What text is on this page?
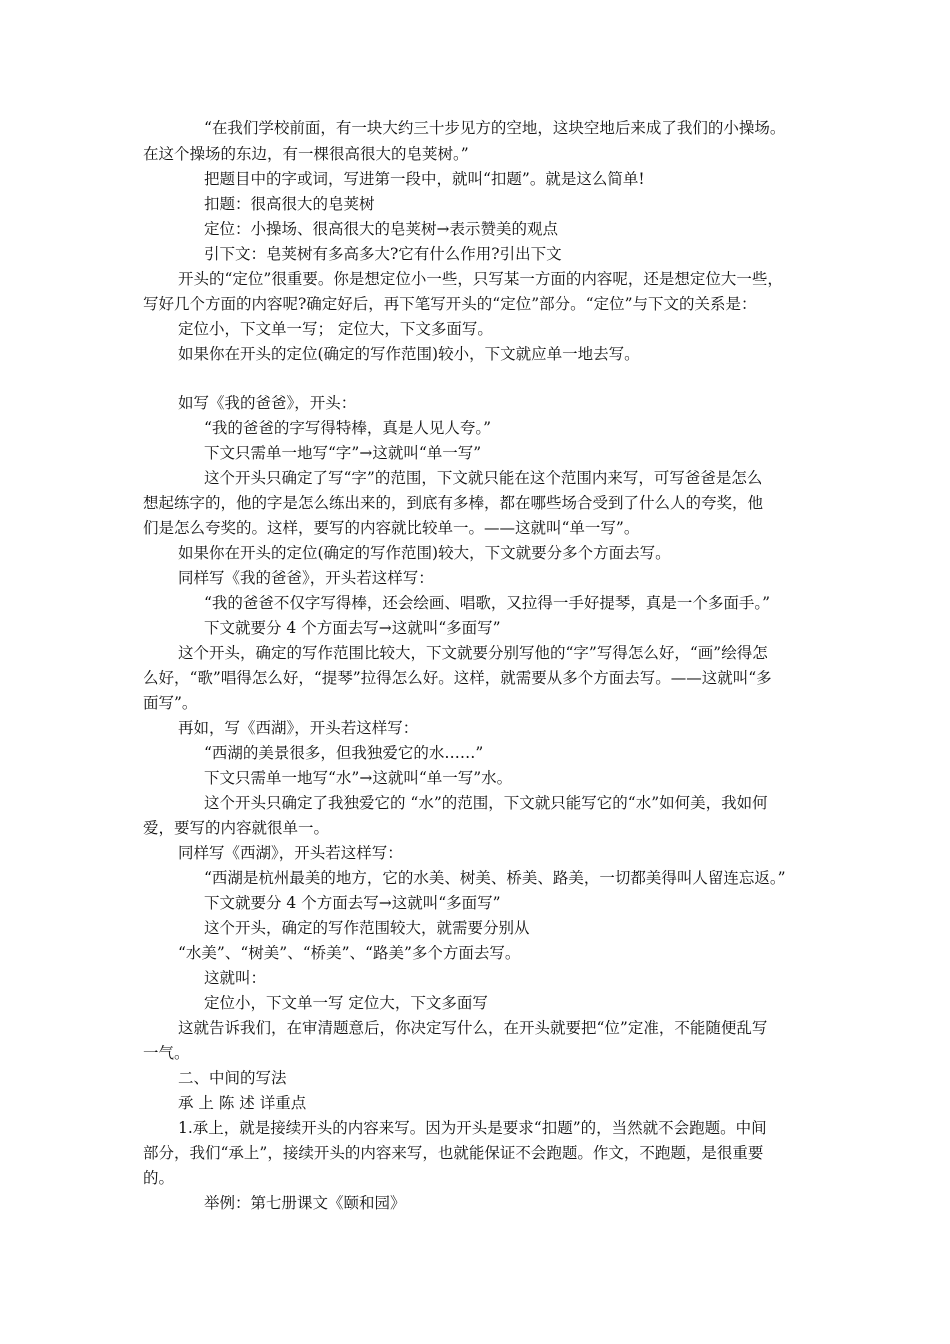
“在我们学校前面，有一块大约三十步见方的空地，这块空地后来成了我们的小操场。
在这个操场的东边，有一棵很高很大的皂荚树。”
把题目中的字或词，写进第一段中，就叫“扣题”。就是这么简单!
扣题：很高很大的皂荚树
定位：小操场、很高很大的皂荚树→表示赞美的观点
引下文：皂荚树有多高多大?它有什么作用?引出下文
开头的“定位”很重要。你是想定位小一些，只写某一方面的内容呢，还是想定位大一些，
写好几个方面的内容呢?确定好后，再下笔写开头的“定位”部分。“定位”与下文的关系是：
定位小，下文单一写； 定位大，下文多面写。
如果你在开头的定位(确定的写作范围)较小，下文就应单一地去写。
如写《我的爸爸》，开头：
“我的爸爸的字写得特棒，真是人见人夸。”
下文只需单一地写“字”→这就叫“单一写”
这个开头只确定了写“字”的范围，下文就只能在这个范围内来写，可写爸爸是怎么
想起练字的，他的字是怎么练出来的，到底有多棒，都在哪些场合受到了什么人的夸奖，他
们是怎么夸奖的。这样，要写的内容就比较单一。——这就叫“单一写”。
如果你在开头的定位(确定的写作范围)较大，下文就要分多个方面去写。
同样写《我的爸爸》，开头若这样写：
“我的爸爸不仅字写得棒，还会绘画、唱歌，又拉得一手好提琴，真是一个多面手。”
下文就要分 4 个方面去写→这就叫“多面写”
这个开头，确定的写作范围比较大，下文就要分别写他的“字”写得怎么好，“画”绘得怎
么好，“歌”唱得怎么好，“提琴”拉得怎么好。这样，就需要从多个方面去写。——这就叫“多
面写”。
再如，写《西湖》，开头若这样写：
“西湖的美景很多，但我独爱它的水……”
下文只需单一地写“水”→这就叫“单一写”水。
这个开头只确定了我独爱它的 “水”的范围，下文就只能写它的“水”如何美，我如何
爱，要写的内容就很单一。
同样写《西湖》，开头若这样写：
“西湖是杭州最美的地方，它的水美、树美、桥美、路美，一切都美得叫人留连忘返。”
下文就要分 4 个方面去写→这就叫“多面写”
这个开头，确定的写作范围较大，就需要分别从
“水美”、“树美”、“桥美”、“路美”多个方面去写。
这就叫：
定位小，下文单一写 定位大，下文多面写
这就告诉我们，在审清题意后，你决定写什么，在开头就要把“位”定准，不能随便乱写
一气。
二、中间的写法
承 上 陈 述 详重点
1.承上，就是接续开头的内容来写。因为开头是要求“扣题”的，当然就不会跑题。中间
部分，我们“承上”，接续开头的内容来写，也就能保证不会跑题。作文，不跑题，是很重要
的。
举例：第七册课文《颐和园》
